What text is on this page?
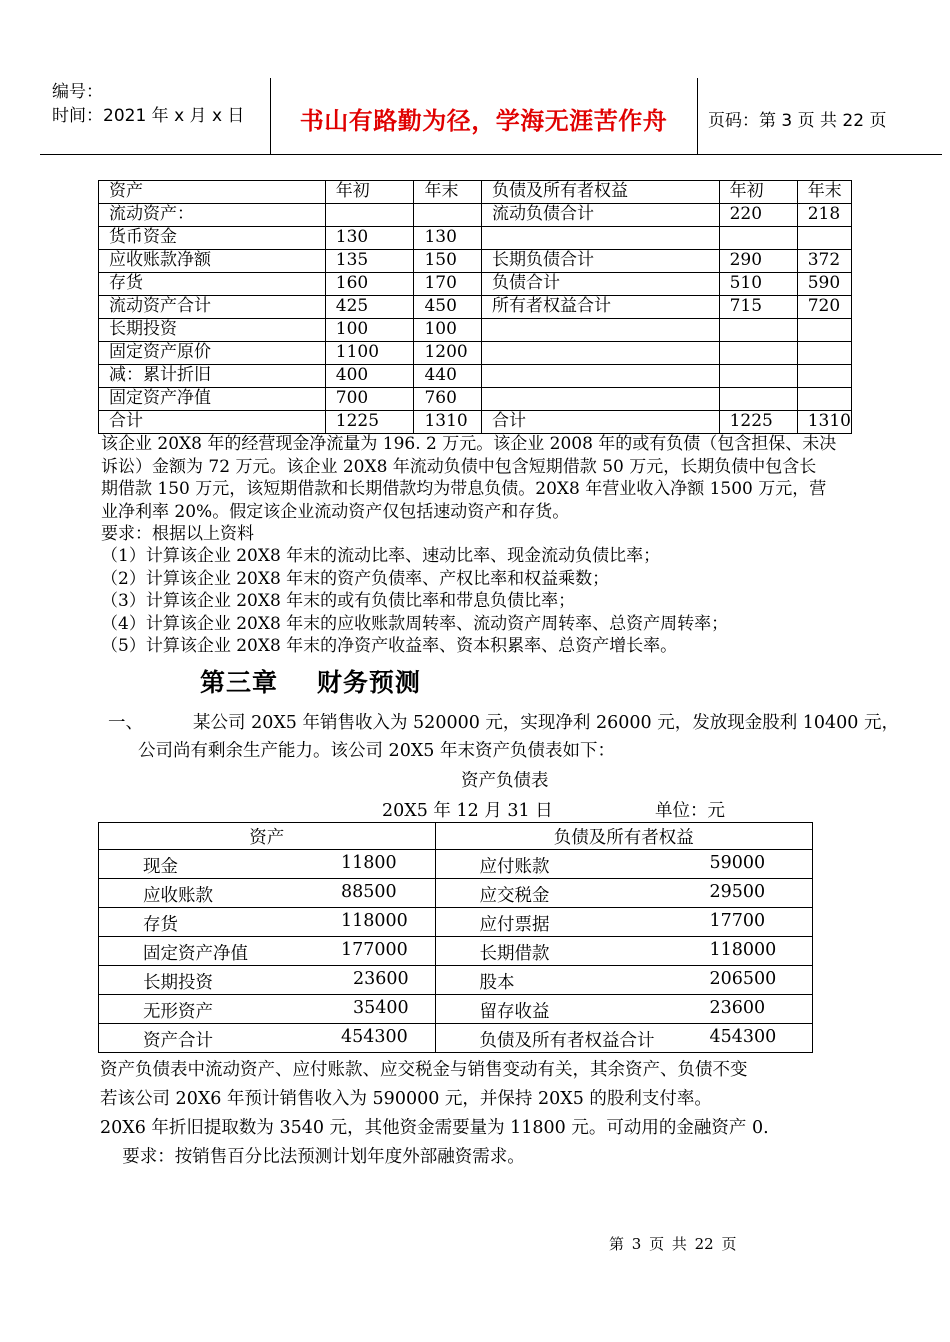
编号：
时间：2021 年 x 月 x 日	书山有路勤为径，学海无涯苦作舟	页码：第 3 页 共 22 页
资产	年初	年末	负债及所有者权益	年初	年末
流动资产：			流动负债合计	220	218
货币资金	130	130			
应收账款净额	135	150	长期负债合计	290	372
存货	160	170	负债合计	510	590
流动资产合计	425	450	所有者权益合计	715	720
长期投资	100	100			
固定资产原价	1100	1200			
减：累计折旧	400	440			
固定资产净值	700	760			
合计	1225	1310	合计	1225	1310
该企业 20X8 年的经营现金净流量为 196. 2 万元。该企业 2008 年的或有负债（包含担保、未决
诉讼）金额为 72 万元。该企业 20X8 年流动负债中包含短期借款 50 万元，长期负债中包含长
期借款 150 万元，该短期借款和长期借款均为带息负债。20X8 年营业收入净额 1500 万元，营
业净利率 20%。假定该企业流动资产仅包括速动资产和存货。
要求：根据以上资料
（1）计算该企业 20X8 年末的流动比率、速动比率、现金流动负债比率；
（2）计算该企业 20X8 年末的资产负债率、产权比率和权益乘数；
（3）计算该企业 20X8 年末的或有负债比率和带息负债比率；
（4）计算该企业 20X8 年末的应收账款周转率、流动资产周转率、总资产周转率；
（5）计算该企业 20X8 年末的净资产收益率、资本积累率、总资产增长率。
第三章    财务预测
一、	某公司 20X5 年销售收入为 520000 元，实现净利 26000 元，发放现金股利 10400 元，
公司尚有剩余生产能力。该公司 20X5 年末资产负债表如下：
资产负债表
20X5 年 12 月 31 日	单位：元
资产	负债及所有者权益

现金 11800	应付账款 59000

应收账款 88500	应交税金 29500

存货 118000	应付票据 17700

固定资产净值 177000	长期借款 118000

长期投资 23600	股本 206500

无形资产 35400	留存收益 23600

资产合计 454300	负债及所有者权益合计 454300
资产负债表中流动资产、应付账款、应交税金与销售变动有关，其余资产、负债不变
若该公司 20X6 年预计销售收入为 590000 元，并保持 20X5 的股利支付率。
20X6 年折旧提取数为 3540 元，其他资金需要量为 11800 元。可动用的金融资产 0.
要求：按销售百分比法预测计划年度外部融资需求。
第 3 页 共 22 页
